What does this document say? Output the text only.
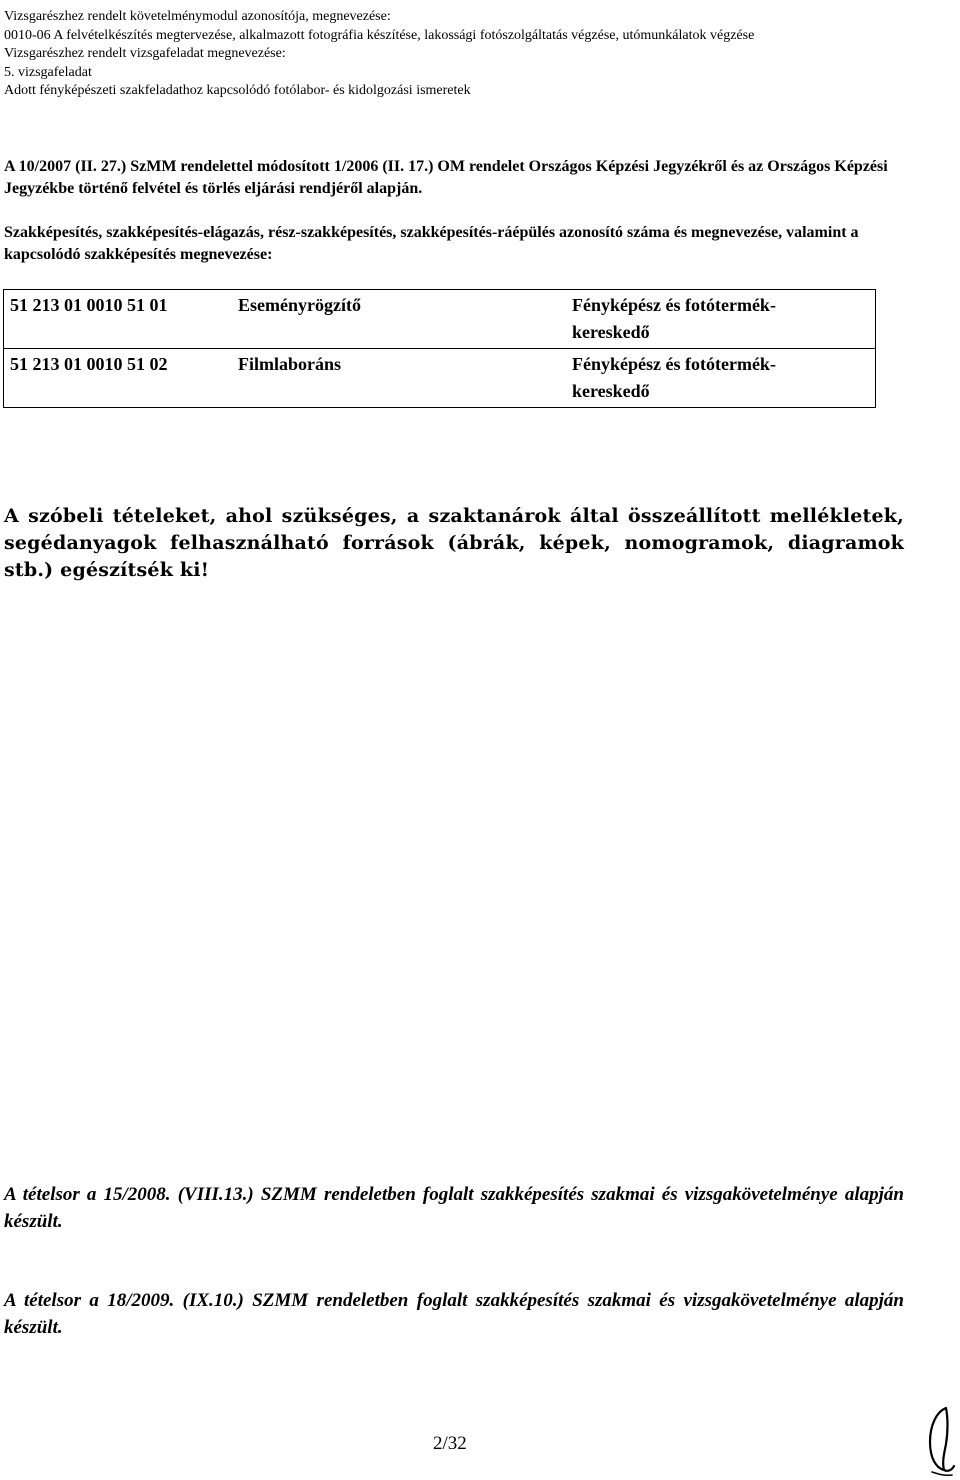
Vizsgarészhez rendelt követelménymodul azonosítója, megnevezése:
0010-06 A felvételkészítés megtervezése, alkalmazott fotográfia készítése, lakossági fotószolgáltatás végzése, utómunkálatok végzése
Vizsgarészhez rendelt vizsgafeladat megnevezése:
5. vizsgafeladat
Adott fényképészeti szakfeladathoz kapcsolódó fotólabor- és kidolgozási ismeretek
A 10/2007 (II. 27.) SzMM rendelettel módosított 1/2006 (II. 17.) OM rendelet Országos Képzési Jegyzékről és az Országos Képzési Jegyzékbe történő felvétel és törlés eljárási rendjéről alapján.
Szakképesítés, szakképesítés-elágazás, rész-szakképesítés, szakképesítés-ráépülés azonosító száma és megnevezése, valamint a kapcsolódó szakképesítés megnevezése:
51 213 01 0010 51 01	Eseményrögzítő	Fényképész és fotótermék-
kereskedő

51 213 01 0010 51 02	Filmlaboráns	Fényképész és fotótermék-
kereskedő
A szóbeli tételeket, ahol szükséges, a szaktanárok által összeállított mellékletek, segédanyagok felhasználható források (ábrák, képek, nomogramok, diagramok stb.) egészítsék ki!
A tételsor a 15/2008. (VIII.13.) SZMM rendeletben foglalt szakképesítés szakmai és vizsgakövetelménye alapján készült.
A tételsor a 18/2009. (IX.10.) SZMM rendeletben foglalt szakképesítés szakmai és vizsgakövetelménye alapján készült.
2/32
